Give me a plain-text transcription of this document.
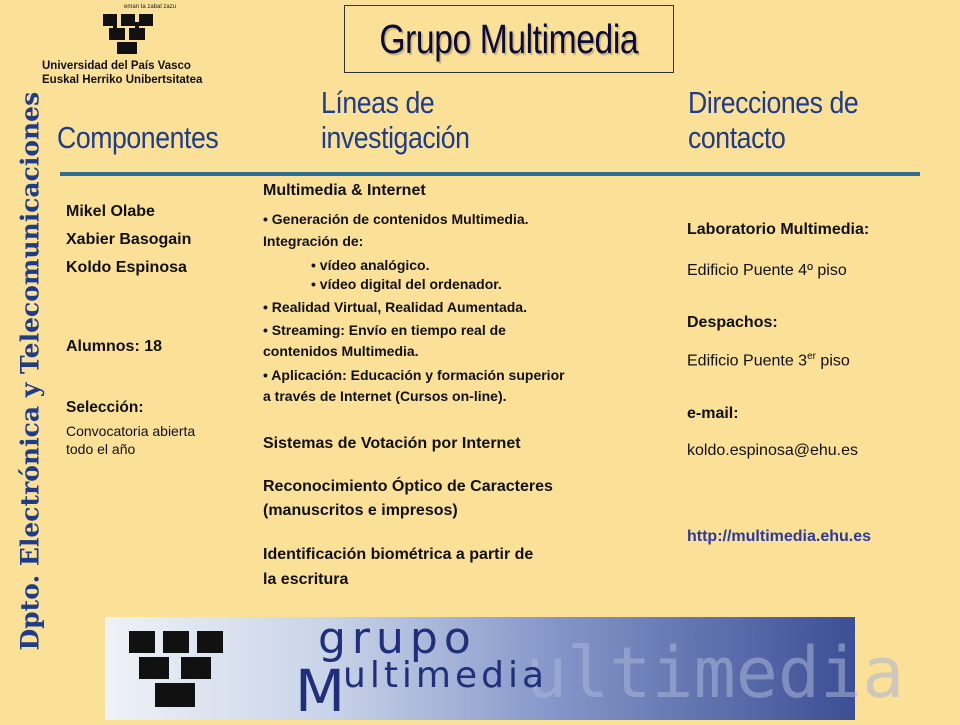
eman ta zabal zazu
Universidad del País Vasco
Euskal Herriko Unibertsitatea
Grupo Multimedia
Dpto. Electrónica y Telecomunicaciones Componentes
Líneas de
investigación
Direcciones de
contacto
Mikel Olabe
Xabier Basogain
Koldo Espinosa
Alumnos: 18
Selección:
Convocatoria abierta
todo el año
Multimedia & Internet
• Generación de contenidos Multimedia.
Integración de:
• vídeo analógico.
• vídeo digital del ordenador.
• Realidad Virtual, Realidad Aumentada.
• Streaming: Envío en tiempo real de
contenidos Multimedia.
• Aplicación: Educación y formación superior
a través de Internet (Cursos on-line).
Sistemas de Votación por Internet
Reconocimiento Óptico de Caracteres
(manuscritos e impresos)
Identificación biométrica a partir de
la escritura
Laboratorio Multimedia:
Edificio Puente 4º piso
Despachos:
Edificio Puente 3er piso
e-mail:
koldo.espinosa@ehu.es
http://multimedia.ehu.es
ultimedia
grupo
M
ultimedia
